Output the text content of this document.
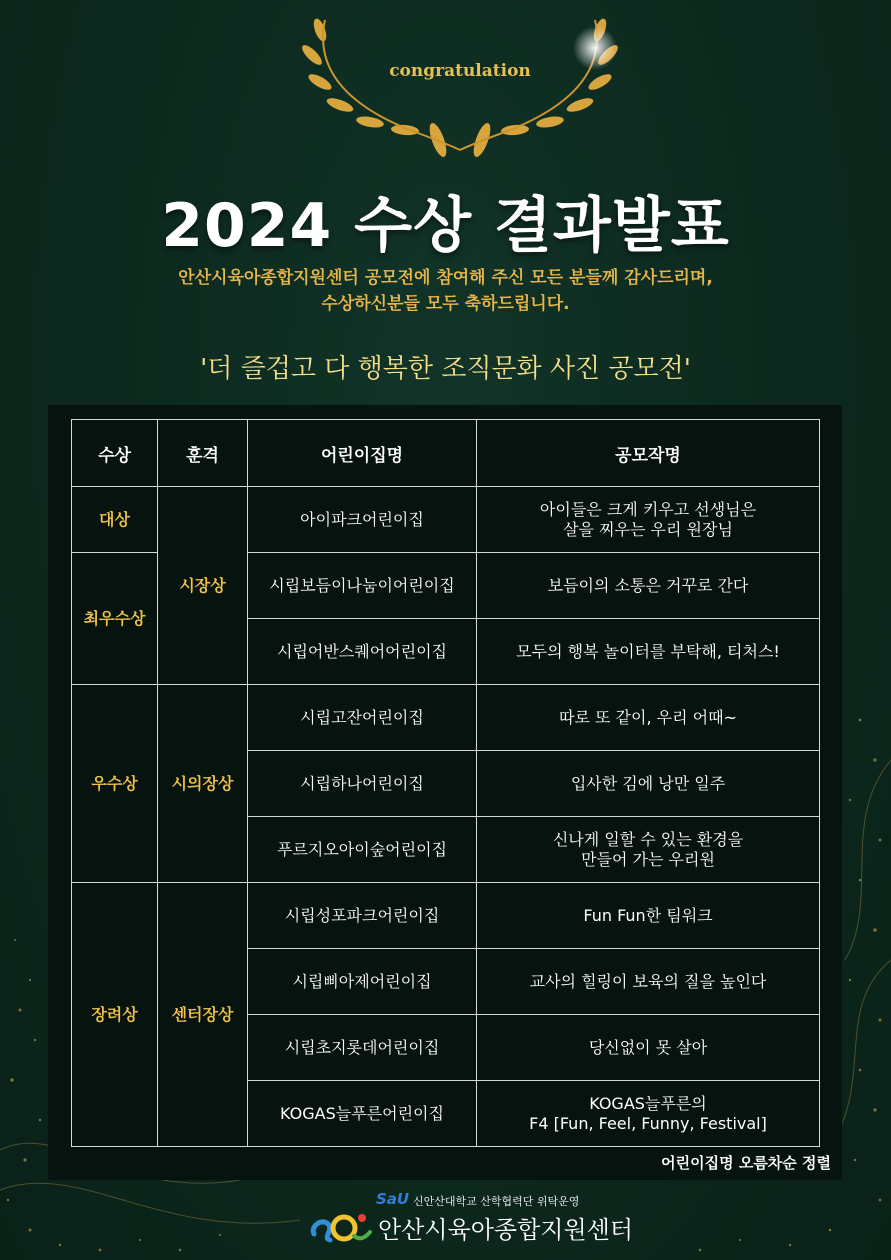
congratulation
2024 수상 결과발표
안산시육아종합지원센터 공모전에 참여해 주신 모든 분들께 감사드리며,
수상하신분들 모두 축하드립니다.
'더 즐겁고 다 행복한 조직문화 사진 공모전'
수상	훈격	어린이집명	공모작명
대상	시장상	아이파크어린이집	아이들은 크게 키우고 선생님은
살을 찌우는 우리 원장님
최우수상		시립보듬이나눔이어린이집	보듬이의 소통은 거꾸로 간다
		시립어반스퀘어어린이집	모두의 행복 놀이터를 부탁해, 티처스!
우수상	시의장상	시립고잔어린이집	따로 또 같이, 우리 어때~
		시립하나어린이집	입사한 김에 낭만 일주
		푸르지오아이숲어린이집	신나게 일할 수 있는 환경을
만들어 가는 우리원
장려상	센터장상	시립성포파크어린이집	Fun Fun한 팀워크
		시립삐아제어린이집	교사의 힐링이 보육의 질을 높인다
		시립초지롯데어린이집	당신없이 못 살아
		KOGAS늘푸른어린이집	KOGAS늘푸른의
F4 [Fun, Feel, Funny, Festival]
어린이집명 오름차순 정렬
SaU 신안산대학교 산학협력단 위탁운영
안산시육아종합지원센터
